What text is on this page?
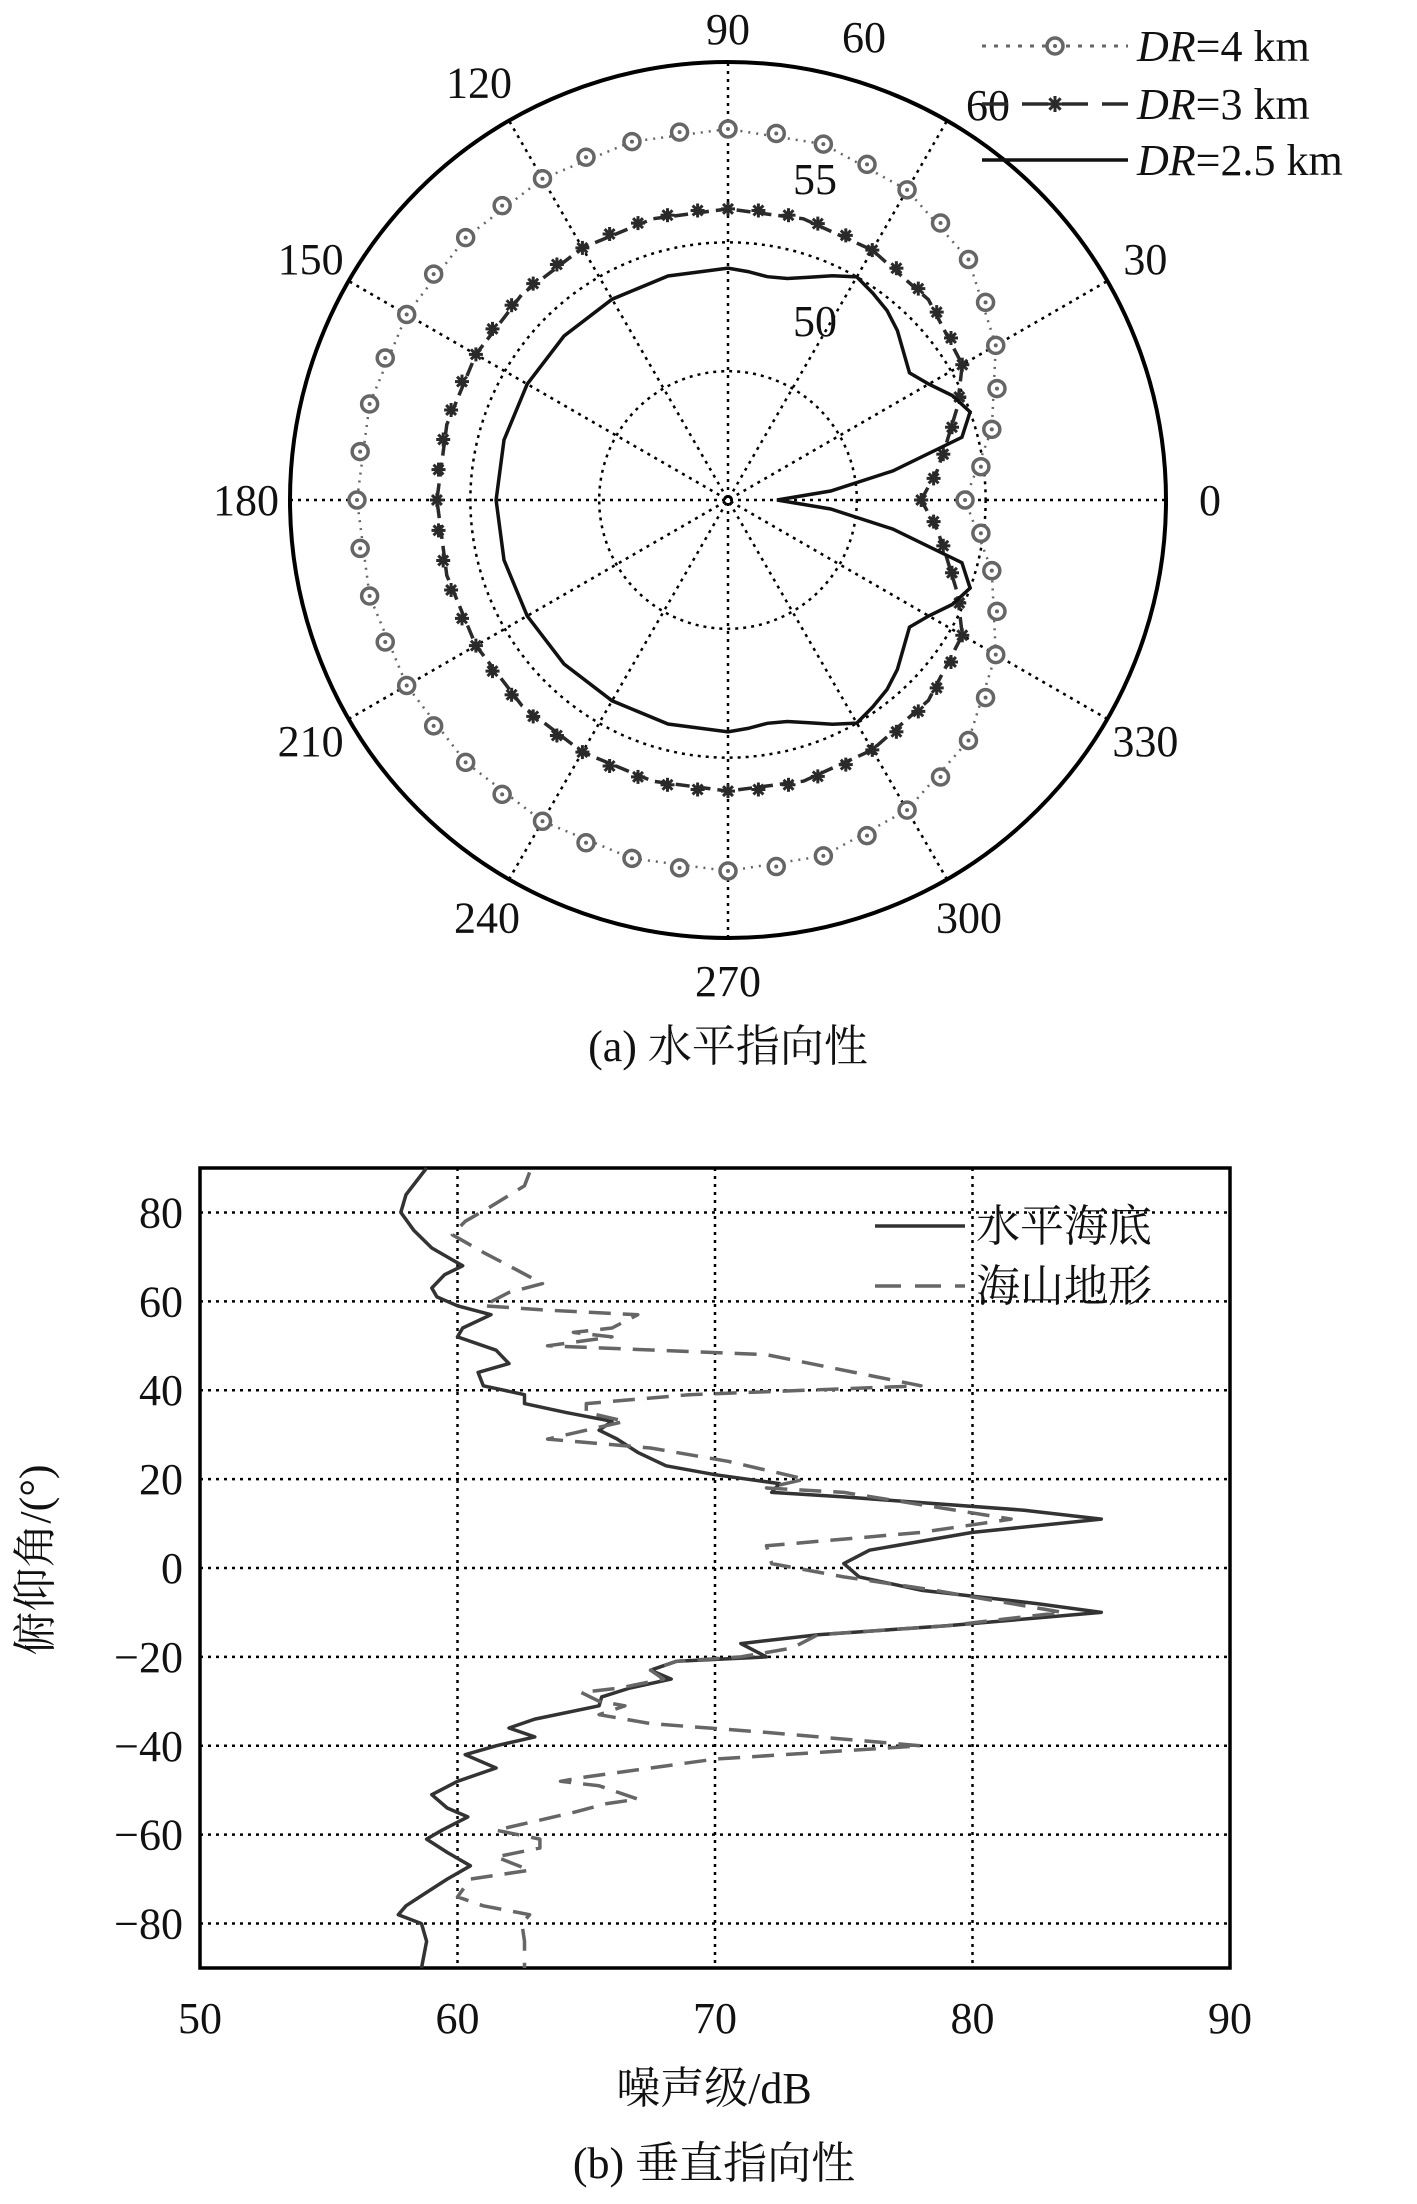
0
30
60
90
120
150
180
210
240
270
300
330
60
55
50
DR=4 km
DR=3 km
DR=2.5 km
(a) 水平指向性
80
60
40
20
0
−20
−40
−60
−80
50	60	70	80	90
水平海底
海山地形
噪声级/dB
俯仰角/(°)
(b) 垂直指向性
